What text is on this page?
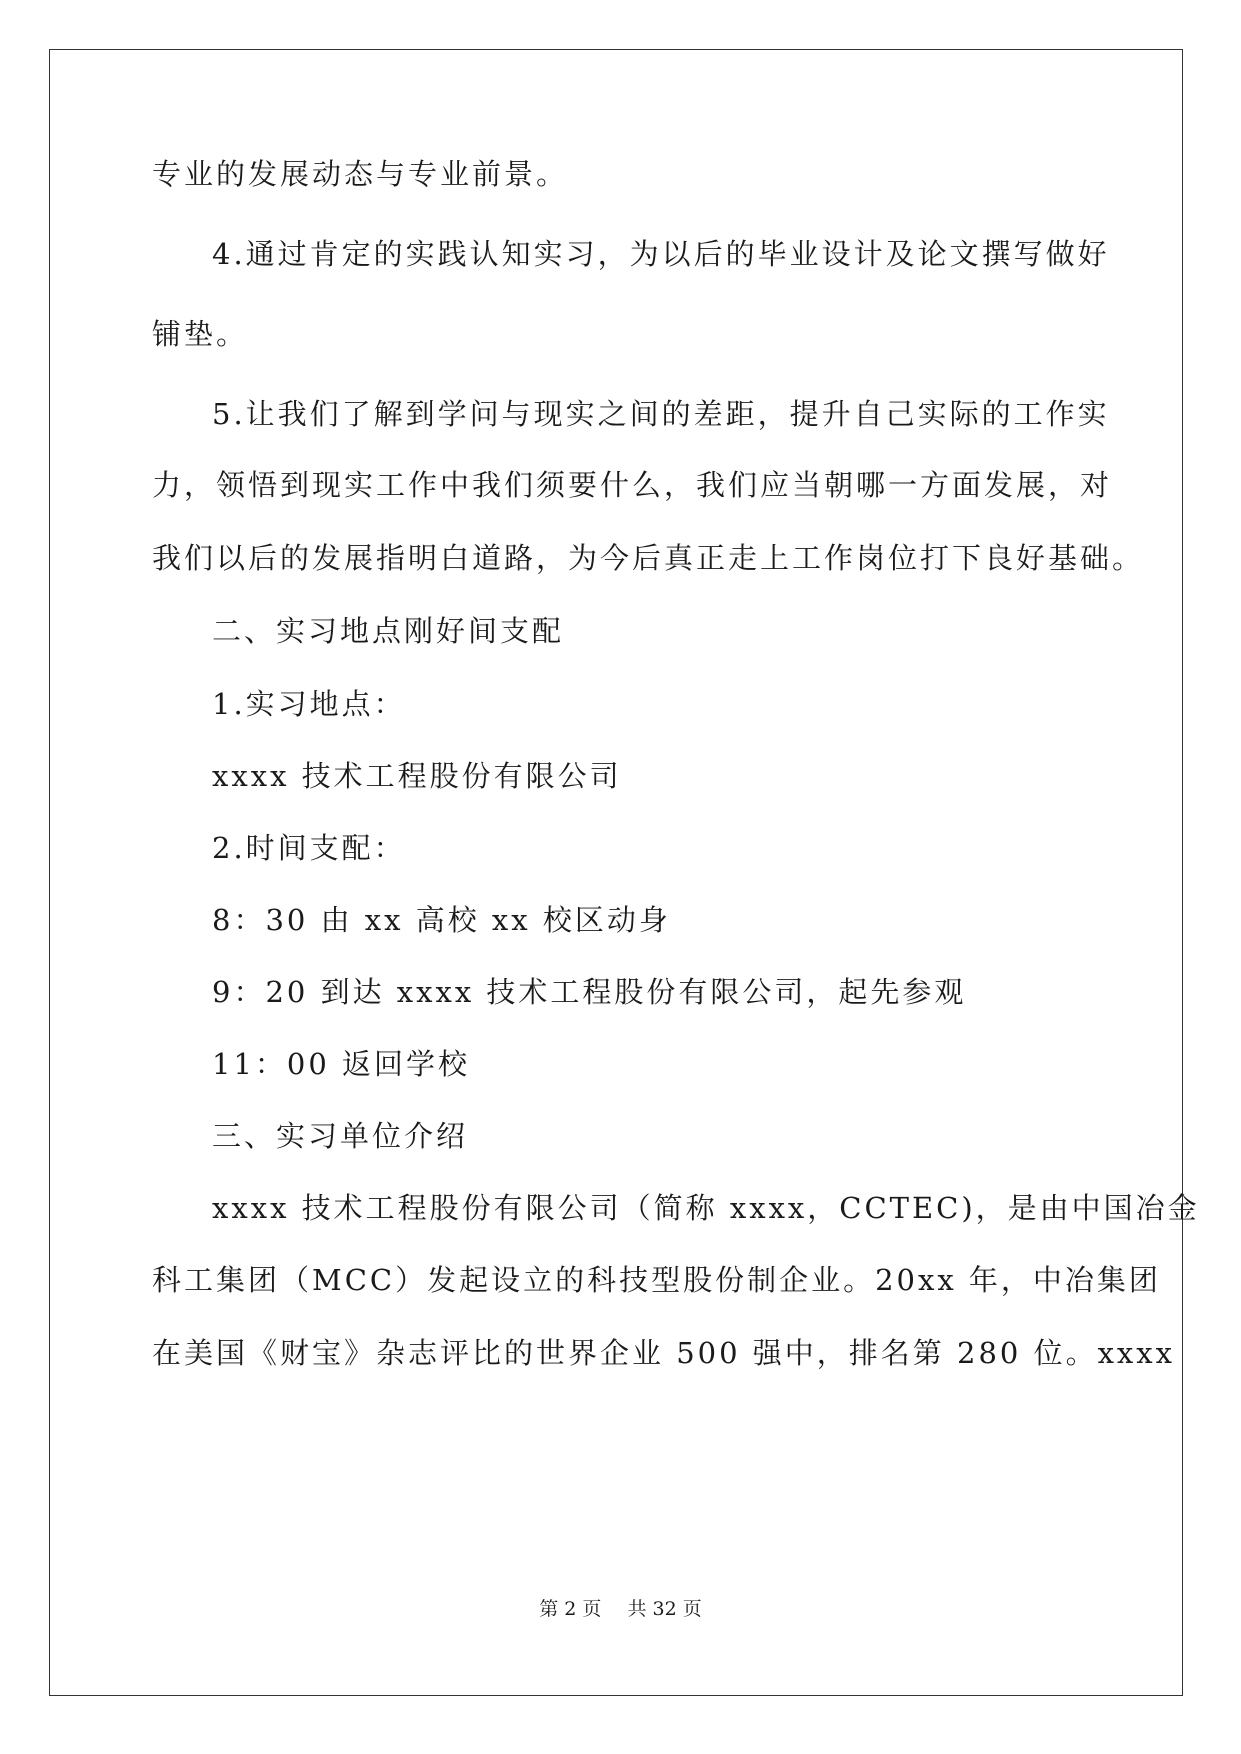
专业的发展动态与专业前景。
4.通过肯定的实践认知实习，为以后的毕业设计及论文撰写做好
铺垫。
5.让我们了解到学问与现实之间的差距，提升自己实际的工作实
力，领悟到现实工作中我们须要什么，我们应当朝哪一方面发展，对
我们以后的发展指明白道路，为今后真正走上工作岗位打下良好基础。
二、实习地点刚好间支配
1.实习地点：
xxxx 技术工程股份有限公司
2.时间支配：
8：30 由 xx 高校 xx 校区动身
9：20 到达 xxxx 技术工程股份有限公司，起先参观
11：00 返回学校
三、实习单位介绍
xxxx 技术工程股份有限公司（简称 xxxx，CCTEC)，是由中国冶金
科工集团（MCC）发起设立的科技型股份制企业。20xx 年，中冶集团
在美国《财宝》杂志评比的世界企业 500 强中，排名第 280 位。xxxx
第 2 页 共 32 页
